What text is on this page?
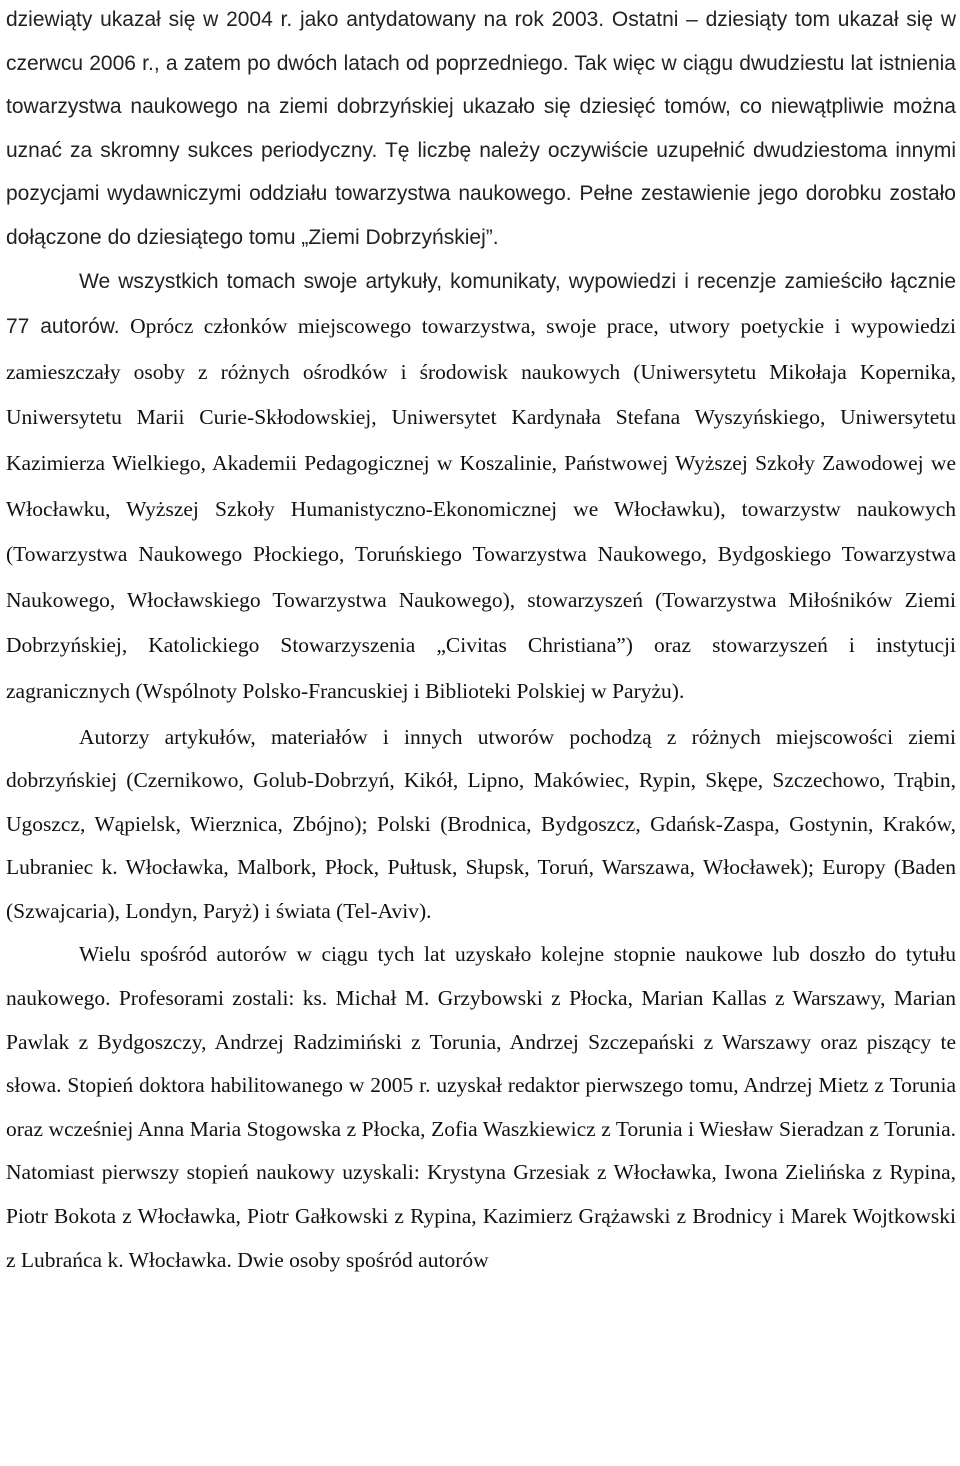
dziewiąty ukazał się w 2004 r. jako antydatowany na rok 2003. Ostatni – dziesiąty tom ukazał się w czerwcu 2006 r., a zatem po dwóch latach od poprzedniego. Tak więc w ciągu dwudziestu lat istnienia towarzystwa naukowego na ziemi dobrzyńskiej ukazało się dziesięć tomów, co niewątpliwie można uznać za skromny sukces periodyczny. Tę liczbę należy oczywiście uzupełnić dwudziestoma innymi pozycjami wydawniczymi oddziału towarzystwa naukowego. Pełne zestawienie jego dorobku zostało dołączone do dziesiątego tomu „Ziemi Dobrzyńskiej”.

We wszystkich tomach swoje artykuły, komunikaty, wypowiedzi i recenzje zamieściło łącznie 77 autorów. Oprócz członków miejscowego towarzystwa, swoje prace, utwory poetyckie i wypowiedzi zamieszczały osoby z różnych ośrodków i środowisk naukowych (Uniwersytetu Mikołaja Kopernika, Uniwersytetu Marii Curie-Skłodowskiej, Uniwersytet Kardynała Stefana Wyszyńskiego, Uniwersytetu Kazimierza Wielkiego, Akademii Pedagogicznej w Koszalinie, Państwowej Wyższej Szkoły Zawodowej we Włocławku, Wyższej Szkoły Humanistyczno-Ekonomicznej we Włocławku), towarzystw naukowych (Towarzystwa Naukowego Płockiego, Toruńskiego Towarzystwa Naukowego, Bydgoskiego Towarzystwa Naukowego, Włocławskiego Towarzystwa Naukowego), stowarzyszeń (Towarzystwa Miłośników Ziemi Dobrzyńskiej, Katolickiego Stowarzyszenia „Civitas Christiana”) oraz stowarzyszeń i instytucji zagranicznych (Wspólnoty Polsko-Francuskiej i Biblioteki Polskiej w Paryżu).

Autorzy artykułów, materiałów i innych utworów pochodzą z różnych miejscowości ziemi dobrzyńskiej (Czernikowo, Golub-Dobrzyń, Kikół, Lipno, Makówiec, Rypin, Skępe, Szczechowo, Trąbin, Ugoszcz, Wąpielsk, Wierznica, Zbójno); Polski (Brodnica, Bydgoszcz, Gdańsk-Zaspa, Gostynin, Kraków, Lubraniec k. Włocławka, Malbork, Płock, Pułtusk, Słupsk, Toruń, Warszawa, Włocławek); Europy (Baden (Szwajcaria), Londyn, Paryż) i świata (Tel-Aviv).

Wielu spośród autorów w ciągu tych lat uzyskało kolejne stopnie naukowe lub doszło do tytułu naukowego. Profesorami zostali: ks. Michał M. Grzybowski z Płocka, Marian Kallas z Warszawy, Marian Pawlak z Bydgoszczy, Andrzej Radzimiński z Torunia, Andrzej Szczepański z Warszawy oraz piszący te słowa. Stopień doktora habilitowanego w 2005 r. uzyskał redaktor pierwszego tomu, Andrzej Mietz z Torunia oraz wcześniej Anna Maria Stogowska z Płocka, Zofia Waszkiewicz z Torunia i Wiesław Sieradzan z Torunia. Natomiast pierwszy stopień naukowy uzyskali: Krystyna Grzesiak z Włocławka, Iwona Zielińska z Rypina, Piotr Bokota z Włocławka, Piotr Gałkowski z Rypina, Kazimierz Grążawski z Brodnicy i Marek Wojtkowski z Lubrańca k. Włocławka. Dwie osoby spośród autorów
